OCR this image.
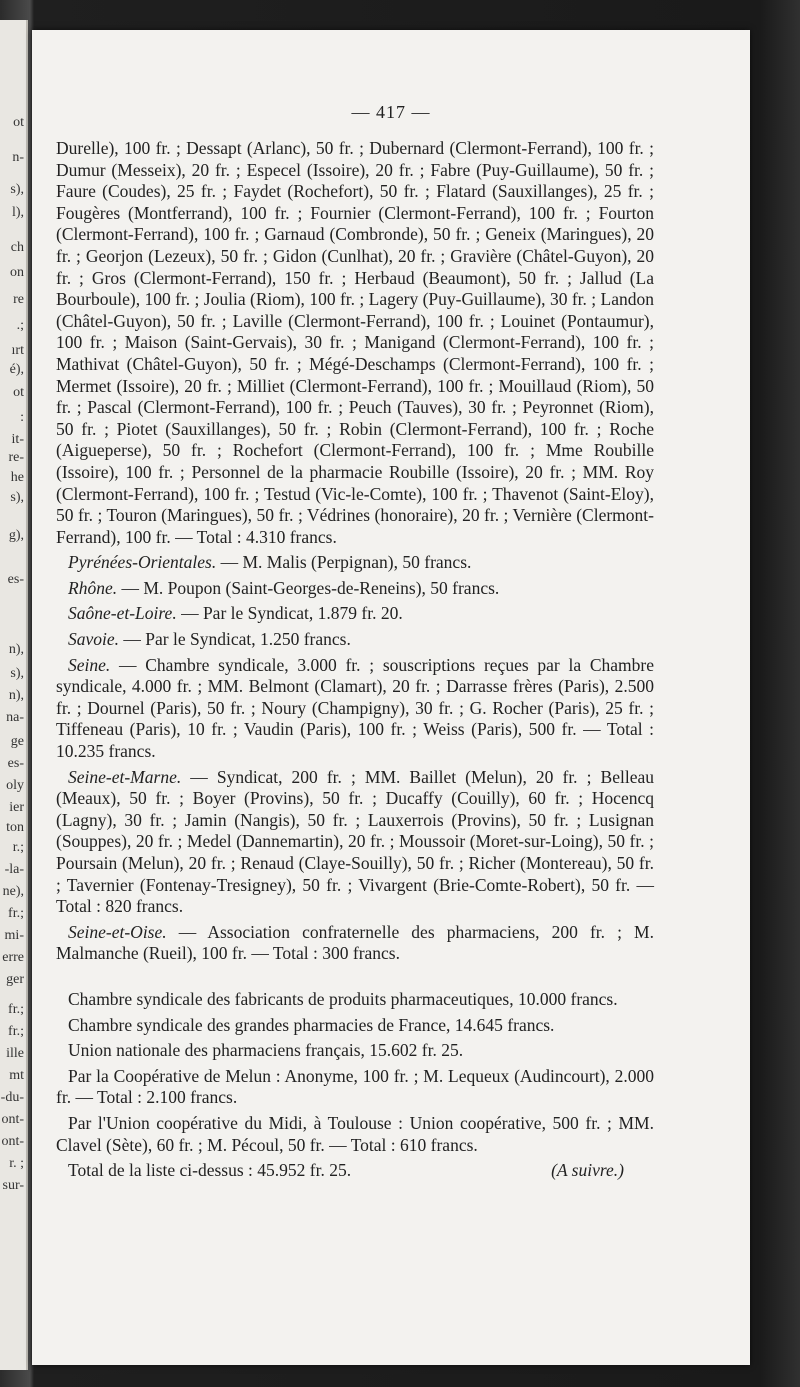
ot
n-
s),
l),
ch
on
re
.;
ırt
é),
ot
:
it-
re-
he
s),
g),
es-
n),
s),
n),
na-
ge
es-
oly
ier
ton
r.;
-la-
ne),
fr.;
mi-
erre
ger
fr.;
fr.;
ille
mt
-du-
ont-
ont-
r. ;
sur-
— 417 —

Durelle), 100 fr. ; Dessapt (Arlanc), 50 fr. ; Dubernard (Clermont-Ferrand), 100 fr. ; Dumur (Messeix), 20 fr. ; Especel (Issoire), 20 fr. ; Fabre (Puy-Guillaume), 50 fr. ; Faure (Coudes), 25 fr. ; Faydet (Rochefort), 50 fr. ; Flatard (Sauxillanges), 25 fr. ; Fougères (Montferrand), 100 fr. ; Fournier (Clermont-Ferrand), 100 fr. ; Fourton (Clermont-Ferrand), 100 fr. ; Garnaud (Combronde), 50 fr. ; Geneix (Maringues), 20 fr. ; Georjon (Lezeux), 50 fr. ; Gidon (Cunlhat), 20 fr. ; Gravière (Châtel-Guyon), 20 fr. ; Gros (Clermont-Ferrand), 150 fr. ; Herbaud (Beaumont), 50 fr. ; Jallud (La Bourboule), 100 fr. ; Joulia (Riom), 100 fr. ; Lagery (Puy-Guillaume), 30 fr. ; Landon (Châtel-Guyon), 50 fr. ; Laville (Clermont-Ferrand), 100 fr. ; Louinet (Pontaumur), 100 fr. ; Maison (Saint-Gervais), 30 fr. ; Manigand (Clermont-Ferrand), 100 fr. ; Mathivat (Châtel-Guyon), 50 fr. ; Mégé-Deschamps (Clermont-Ferrand), 100 fr. ; Mermet (Issoire), 20 fr. ; Milliet (Clermont-Ferrand), 100 fr. ; Mouillaud (Riom), 50 fr. ; Pascal (Clermont-Ferrand), 100 fr. ; Peuch (Tauves), 30 fr. ; Peyronnet (Riom), 50 fr. ; Piotet (Sauxillanges), 50 fr. ; Robin (Clermont-Ferrand), 100 fr. ; Roche (Aigueperse), 50 fr. ; Rochefort (Clermont-Ferrand), 100 fr. ; Mme Roubille (Issoire), 100 fr. ; Personnel de la pharmacie Roubille (Issoire), 20 fr. ; MM. Roy (Clermont-Ferrand), 100 fr. ; Testud (Vic-le-Comte), 100 fr. ; Thavenot (Saint-Eloy), 50 fr. ; Touron (Maringues), 50 fr. ; Védrines (honoraire), 20 fr. ; Vernière (Clermont-Ferrand), 100 fr. — Total : 4.310 francs.

Pyrénées-Orientales. — M. Malis (Perpignan), 50 francs.

Rhône. — M. Poupon (Saint-Georges-de-Reneins), 50 francs.

Saône-et-Loire. — Par le Syndicat, 1.879 fr. 20.

Savoie. — Par le Syndicat, 1.250 francs.

Seine. — Chambre syndicale, 3.000 fr. ; souscriptions reçues par la Chambre syndicale, 4.000 fr. ; MM. Belmont (Clamart), 20 fr. ; Darrasse frères (Paris), 2.500 fr. ; Dournel (Paris), 50 fr. ; Noury (Champigny), 30 fr. ; G. Rocher (Paris), 25 fr. ; Tiffeneau (Paris), 10 fr. ; Vaudin (Paris), 100 fr. ; Weiss (Paris), 500 fr. — Total : 10.235 francs.

Seine-et-Marne. — Syndicat, 200 fr. ; MM. Baillet (Melun), 20 fr. ; Belleau (Meaux), 50 fr. ; Boyer (Provins), 50 fr. ; Ducaffy (Couilly), 60 fr. ; Hocencq (Lagny), 30 fr. ; Jamin (Nangis), 50 fr. ; Lauxerrois (Provins), 50 fr. ; Lusignan (Souppes), 20 fr. ; Medel (Dannemartin), 20 fr. ; Moussoir (Moret-sur-Loing), 50 fr. ; Poursain (Melun), 20 fr. ; Renaud (Claye-Souilly), 50 fr. ; Richer (Montereau), 50 fr. ; Tavernier (Fontenay-Tresigney), 50 fr. ; Vivargent (Brie-Comte-Robert), 50 fr. — Total : 820 francs.

Seine-et-Oise. — Association confraternelle des pharmaciens, 200 fr. ; M. Malmanche (Rueil), 100 fr. — Total : 300 francs.

Chambre syndicale des fabricants de produits pharmaceutiques, 10.000 francs.

Chambre syndicale des grandes pharmacies de France, 14.645 francs.

Union nationale des pharmaciens français, 15.602 fr. 25.

Par la Coopérative de Melun : Anonyme, 100 fr. ; M. Lequeux (Audincourt), 2.000 fr. — Total : 2.100 francs.

Par l'Union coopérative du Midi, à Toulouse : Union coopérative, 500 fr. ; MM. Clavel (Sète), 60 fr. ; M. Pécoul, 50 fr. — Total : 610 francs.

Total de la liste ci-dessus : 45.952 fr. 25.	(A suivre.)
